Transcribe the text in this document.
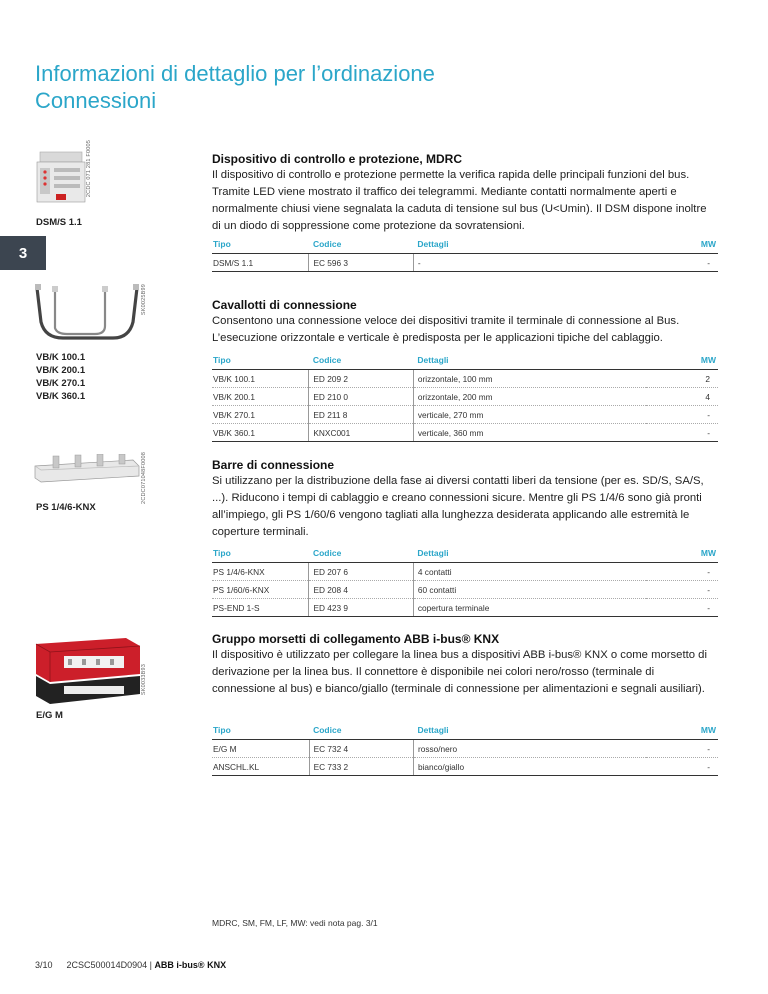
Informazioni di dettaglio per l’ordinazione
Connessioni
3
2CDC 071 281 F0005
DSM/S 1.1
Dispositivo di controllo e protezione, MDRC

Il dispositivo di controllo e protezione permette la verifica rapida delle principali funzioni del bus. Tramite LED viene mostrato il traffico dei telegrammi. Mediante contatti normalmente aperti e normalmente chiusi viene segnalata la caduta di tensione sul bus (U<Umin). Il DSM dispone inoltre di un diodo di soppressione come protezione da sovratensioni.

Tipo	Codice	Dettagli	MW
DSM/S 1.1	EC 596 3	-	-
SK0025B99
VB/K 100.1
VB/K 200.1
VB/K 270.1
VB/K 360.1
Cavallotti di connessione

Consentono una connessione veloce dei dispositivi tramite il terminale di connessione al Bus. L’esecuzione orizzontale e verticale è predisposta per le applicazioni tipiche del cablaggio.

Tipo	Codice	Dettagli	MW
VB/K 100.1	ED 209 2	orizzontale, 100 mm	2
VB/K 200.1	ED 210 0	orizzontale, 200 mm	4
VB/K 270.1	ED 211 8	verticale, 270 mm	-
VB/K 360.1	KNXC001	verticale, 360 mm	-
2CDC071048F0008
PS 1/4/6-KNX
Barre di connessione

Si utilizzano per la distribuzione della fase ai diversi contatti liberi da tensione (per es. SD/S, SA/S, ...). Riducono i tempi di cablaggio e creano connessioni sicure. Mentre gli PS 1/4/6 sono già pronti all’impiego, gli PS 1/60/6 vengono tagliati alla lunghezza desiderata applicando alle estremità le coperture terminali.

Tipo	Codice	Dettagli	MW
PS 1/4/6-KNX	ED 207 6	4 contatti	-
PS 1/60/6-KNX	ED 208 4	60 contatti	-
PS-END 1-S	ED 423 9	copertura terminale	-
SK0033B93
E/G M
Gruppo morsetti di collegamento ABB i-bus® KNX

Il dispositivo è utilizzato per collegare la linea bus a dispositivi ABB i-bus® KNX o come morsetto di derivazione per la linea bus. Il connettore è disponibile nei colori nero/rosso (terminale di connessione al bus) e bianco/giallo (terminale di connessione per alimentazioni e segnali ausiliari).

Tipo	Codice	Dettagli	MW
E/G M	EC 732 4	rosso/nero	-
ANSCHL.KL	EC 733 2	bianco/giallo	-
MDRC, SM, FM, LF, MW: vedi nota pag. 3/1
3/10 2CSC500014D0904 | ABB i-bus® KNX
